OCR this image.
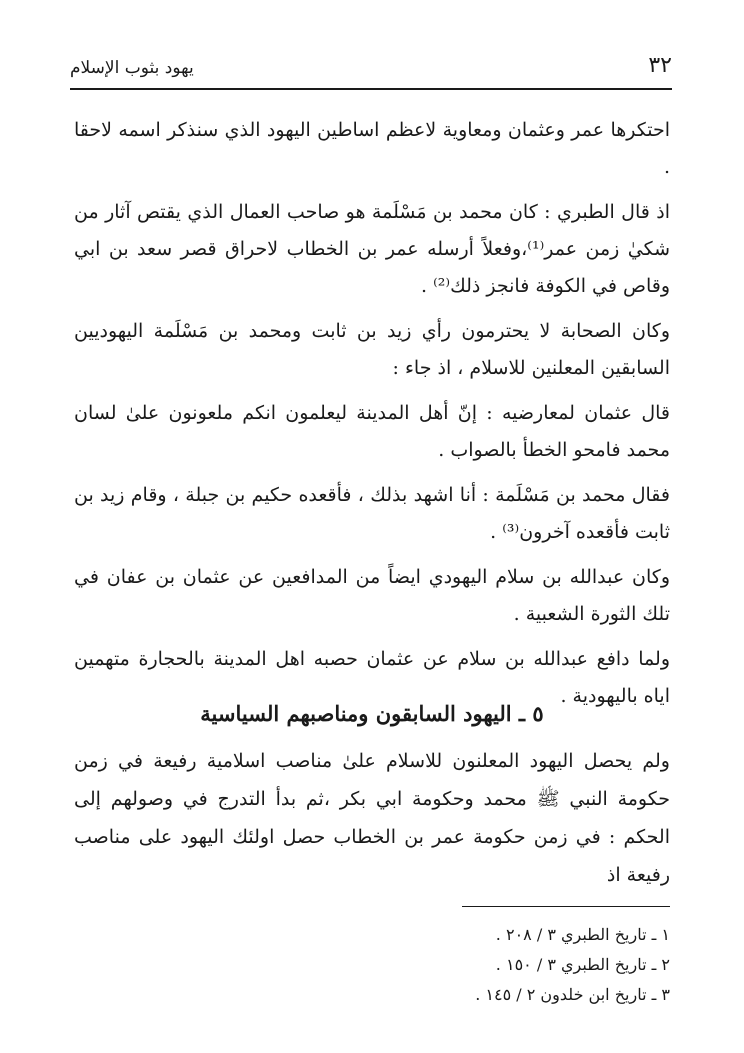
٣٢
يهود بثوب الإسلام

احتكرها عمر وعثمان ومعاوية لاعظم اساطين اليهود الذي سنذكر اسمه لاحقا .

اذ قال الطبري : كان محمد بن مَسْلَمة هو صاحب العمال الذي يقتص آثار من شكيٰ زمن عمر⁽¹⁾،وفعلاً أرسله عمر بن الخطاب لاحراق قصر سعد بن ابي وقاص في الكوفة فانجز ذلك⁽²⁾ .

وكان الصحابة لا يحترمون رأي زيد بن ثابت ومحمد بن مَسْلَمة اليهوديين السابقين المعلنين للاسلام ، اذ جاء :

قال عثمان لمعارضيه : إنّ أهل المدينة ليعلمون انكم ملعونون علىٰ لسان محمد فامحو الخطأ بالصواب .

فقال محمد بن مَسْلَمة : أنا اشهد بذلك ، فأقعده حكيم بن جبلة ، وقام زيد بن ثابت فأقعده آخرون⁽³⁾ .

وكان عبدالله بن سلام اليهودي ايضاً من المدافعين عن عثمان بن عفان في تلك الثورة الشعبية .

ولما دافع عبدالله بن سلام عن عثمان حصبه اهل المدينة بالحجارة متهمين اياه باليهودية .

٥ ـ اليهود السابقون ومناصبهم السياسية

ولم يحصل اليهود المعلنون للاسلام علىٰ مناصب اسلامية رفيعة في زمن حكومة النبي ﷺ محمد وحكومة ابي بكر ،ثم بدأ التدرج في وصولهم إلى الحكم : في زمن حكومة عمر بن الخطاب حصل اولئك اليهود على مناصب رفيعة اذ

١ ـ تاريخ الطبري ٣ / ٢٠٨ .

٢ ـ تاريخ الطبري ٣ / ١٥٠ .

٣ ـ تاريخ ابن خلدون ٢ / ١٤٥ .
